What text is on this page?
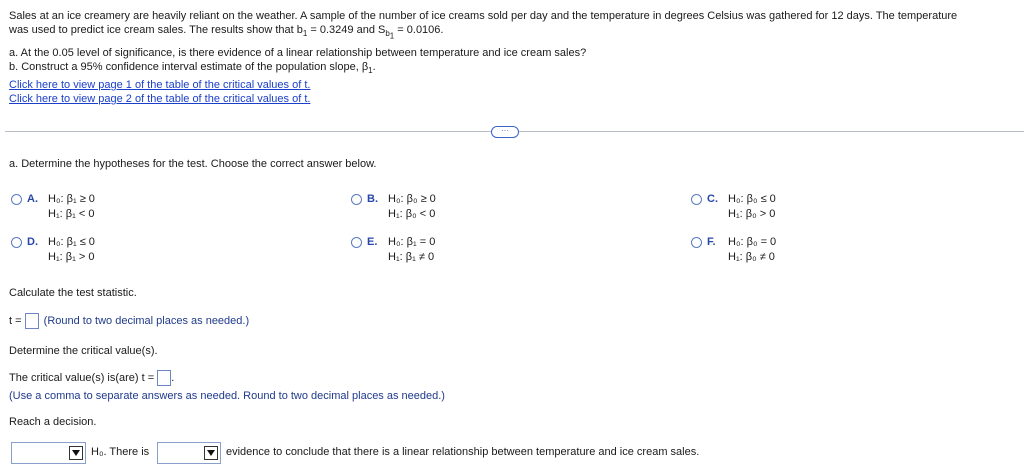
Sales at an ice creamery are heavily reliant on the weather. A sample of the number of ice creams sold per day and the temperature in degrees Celsius was gathered for 12 days. The temperature
was used to predict ice cream sales. The results show that $b_1 = 0.3249$ and $S_{b_1} = 0.0106$.
a. At the 0.05 level of significance, is there evidence of a linear relationship between temperature and ice cream sales?
b. Construct a 95% confidence interval estimate of the population slope, $\beta_1$.
Click here to view page 1 of the table of the critical values of t.
Click here to view page 2 of the table of the critical values of t.
···
a. Determine the hypotheses for the test. Choose the correct answer below.
A. H₀: β₁ ≥ 0
H₁: β₁ < 0
B. H₀: β₀ ≥ 0
H₁: β₀ < 0
C. H₀: β₀ ≤ 0
H₁: β₀ > 0
D. H₀: β₁ ≤ 0
H₁: β₁ > 0
E. H₀: β₁ = 0
H₁: β₁ ≠ 0
F. H₀: β₀ = 0
H₁: β₀ ≠ 0
Calculate the test statistic.
t = (Round to two decimal places as needed.)
Determine the critical value(s).
The critical value(s) is(are) t = .
(Use a comma to separate answers as needed. Round to two decimal places as needed.)
Reach a decision.
H₀. There is	evidence to conclude that there is a linear relationship between temperature and ice cream sales.
